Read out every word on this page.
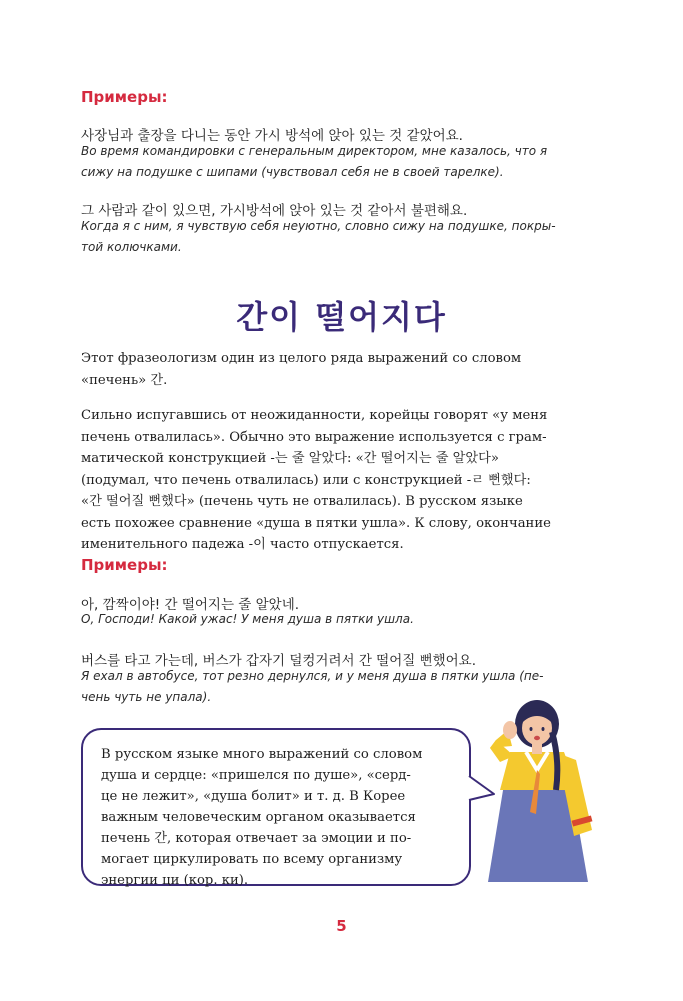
Примеры:
사장님과 출장을 다니는 동안 가시 방석에 앉아 있는 것 같았어요.
Во время командировки с генеральным директором, мне казалось, что я
сижу на подушке с шипами (чувствовал себя не в своей тарелке).
그 사람과 같이 있으면, 가시방석에 앉아 있는 것 같아서 불편해요.
Когда я с ним, я чувствую себя неуютно, словно сижу на подушке, покры-
той колючками.
간이 떨어지다
Этот фразеологизм один из целого ряда выражений со словом
«печень» 간.
Сильно испугавшись от неожиданности, корейцы говорят «у меня
печень отвалилась». Обычно это выражение используется с грам-
матической конструкцией -는 줄 알았다: «간 떨어지는 줄 알았다»
(подумал, что печень отвалилась) или с конструкцией -ㄹ 뻔했다:
«간 떨어질 뻔했다» (печень чуть не отвалилась). В русском языке
есть похожее сравнение «душа в пятки ушла». К слову, окончание
именительного падежа -이 часто отпускается.
Примеры:
아, 깜짝이야! 간 떨어지는 줄 알았네.
О, Господи! Какой ужас! У меня душа в пятки ушла.
버스를 타고 가는데, 버스가 갑자기 덜컹거려서 간 떨어질 뻔했어요.
Я ехал в автобусе, тот резно дернулся, и у меня душа в пятки ушла (пе-
чень чуть не упала).
В русском языке много выражений со словом
душа и сердце: «пришелся по душе», «серд-
це не лежит», «душа болит» и т. д. В Корее
важным человеческим органом оказывается
печень 간, которая отвечает за эмоции и по-
могает циркулировать по всему организму
энергии ци (кор. ки).
5
